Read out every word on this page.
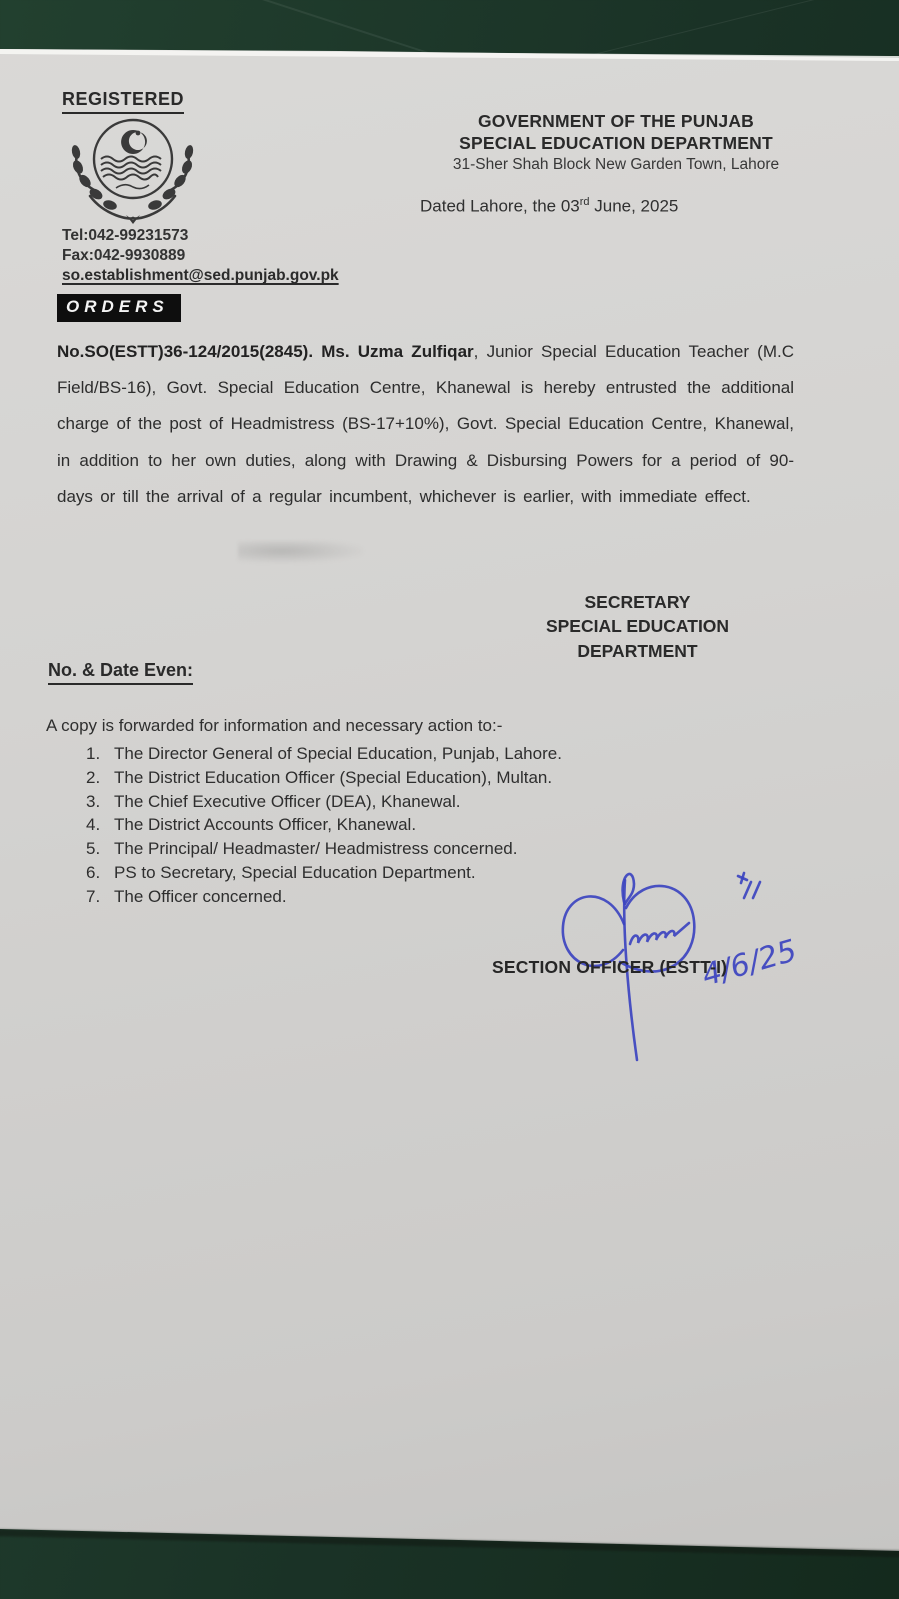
REGISTERED
Tel:042-99231573
Fax:042-9930889
so.establishment@sed.punjab.gov.pk
GOVERNMENT OF THE PUNJAB
SPECIAL EDUCATION DEPARTMENT
31-Sher Shah Block New Garden Town, Lahore
Dated Lahore, the 03rd June, 2025
ORDERS
No.SO(ESTT)36-124/2015(2845). Ms. Uzma Zulfiqar, Junior Special Education Teacher (M.C Field/BS-16), Govt. Special Education Centre, Khanewal is hereby entrusted the additional charge of the post of Headmistress (BS-17+10%), Govt. Special Education Centre, Khanewal, in addition to her own duties, along with Drawing & Disbursing Powers for a period of 90-days or till the arrival of a regular incumbent, whichever is earlier, with immediate effect.
SECRETARY
SPECIAL EDUCATION
DEPARTMENT
No. & Date Even:
A copy is forwarded for information and necessary action to:-
The Director General of Special Education, Punjab, Lahore.
The District Education Officer (Special Education), Multan.
The Chief Executive Officer (DEA), Khanewal.
The District Accounts Officer, Khanewal.
The Principal/ Headmaster/ Headmistress concerned.
PS to Secretary, Special Education Department.
The Officer concerned.
4/6/25
SECTION OFFICER (ESTT-I)
